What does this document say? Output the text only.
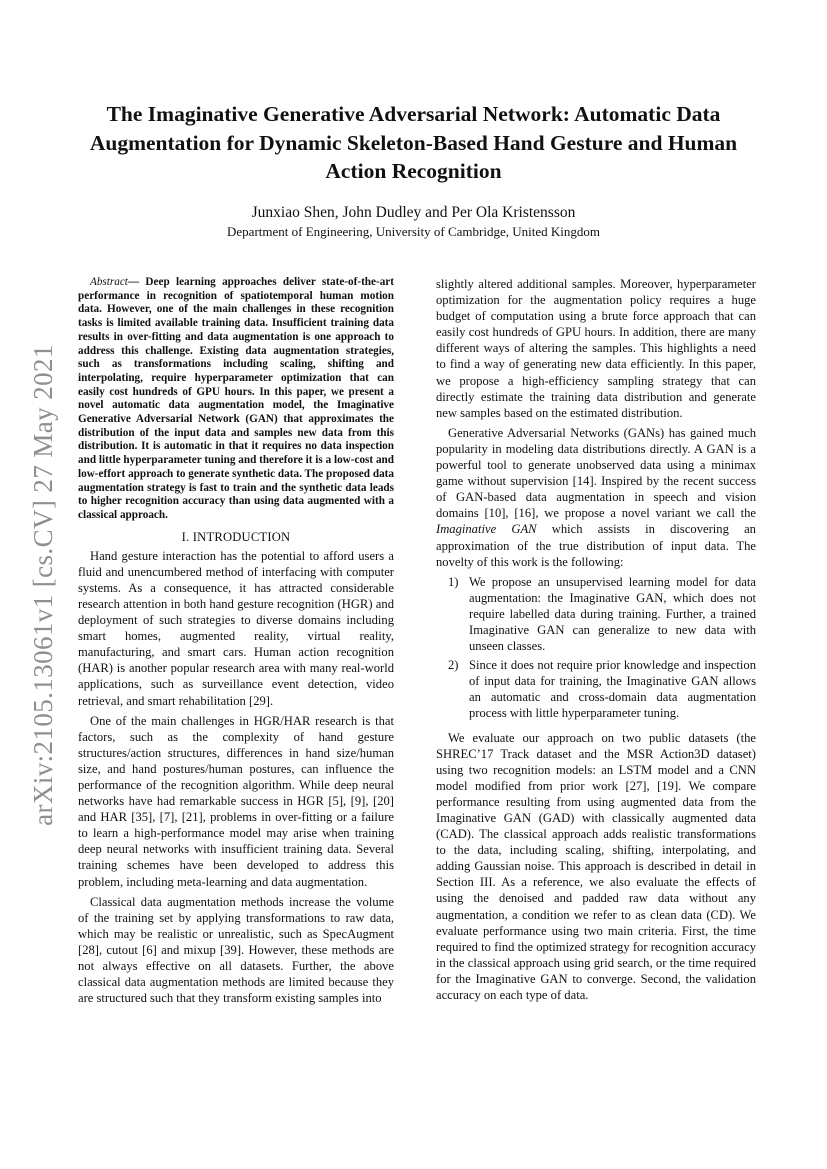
arXiv:2105.13061v1 [cs.CV] 27 May 2021
The Imaginative Generative Adversarial Network: Automatic Data Augmentation for Dynamic Skeleton-Based Hand Gesture and Human Action Recognition
Junxiao Shen, John Dudley and Per Ola Kristensson
Department of Engineering, University of Cambridge, United Kingdom

Abstract— Deep learning approaches deliver state-of-the-art performance in recognition of spatiotemporal human motion data. However, one of the main challenges in these recognition tasks is limited available training data. Insufficient training data results in over-fitting and data augmentation is one approach to address this challenge. Existing data augmentation strategies, such as transformations including scaling, shifting and interpolating, require hyperparameter optimization that can easily cost hundreds of GPU hours. In this paper, we present a novel automatic data augmentation model, the Imaginative Generative Adversarial Network (GAN) that approximates the distribution of the input data and samples new data from this distribution. It is automatic in that it requires no data inspection and little hyperparameter tuning and therefore it is a low-cost and low-effort approach to generate synthetic data. The proposed data augmentation strategy is fast to train and the synthetic data leads to higher recognition accuracy than using data augmented with a classical approach.

I. INTRODUCTION

Hand gesture interaction has the potential to afford users a fluid and unencumbered method of interfacing with computer systems. As a consequence, it has attracted considerable research attention in both hand gesture recognition (HGR) and deployment of such strategies to diverse domains including smart homes, augmented reality, virtual reality, manufacturing, and smart cars. Human action recognition (HAR) is another popular research area with many real-world applications, such as surveillance event detection, video retrieval, and smart rehabilitation [29].

One of the main challenges in HGR/HAR research is that factors, such as the complexity of hand gesture structures/action structures, differences in hand size/human size, and hand postures/human postures, can influence the performance of the recognition algorithm. While deep neural networks have had remarkable success in HGR [5], [9], [20] and HAR [35], [7], [21], problems in over-fitting or a failure to learn a high-performance model may arise when training deep neural networks with insufficient training data. Several training schemes have been developed to address this problem, including meta-learning and data augmentation.

Classical data augmentation methods increase the volume of the training set by applying transformations to raw data, which may be realistic or unrealistic, such as SpecAugment [28], cutout [6] and mixup [39]. However, these methods are not always effective on all datasets. Further, the above classical data augmentation methods are limited because they are structured such that they transform existing samples into

slightly altered additional samples. Moreover, hyperparameter optimization for the augmentation policy requires a huge budget of computation using a brute force approach that can easily cost hundreds of GPU hours. In addition, there are many different ways of altering the samples. This highlights a need to find a way of generating new data efficiently. In this paper, we propose a high-efficiency sampling strategy that can directly estimate the training data distribution and generate new samples based on the estimated distribution.

Generative Adversarial Networks (GANs) has gained much popularity in modeling data distributions directly. A GAN is a powerful tool to generate unobserved data using a minimax game without supervision [14]. Inspired by the recent success of GAN-based data augmentation in speech and vision domains [10], [16], we propose a novel variant we call the Imaginative GAN which assists in discovering an approximation of the true distribution of input data. The novelty of this work is the following:

1) We propose an unsupervised learning model for data augmentation: the Imaginative GAN, which does not require labelled data during training. Further, a trained Imaginative GAN can generalize to new data with unseen classes.
2) Since it does not require prior knowledge and inspection of input data for training, the Imaginative GAN allows an automatic and cross-domain data augmentation process with little hyperparameter tuning.

We evaluate our approach on two public datasets (the SHREC’17 Track dataset and the MSR Action3D dataset) using two recognition models: an LSTM model and a CNN model modified from prior work [27], [19]. We compare performance resulting from using augmented data from the Imaginative GAN (GAD) with classically augmented data (CAD). The classical approach adds realistic transformations to the data, including scaling, shifting, interpolating, and adding Gaussian noise. This approach is described in detail in Section III. As a reference, we also evaluate the effects of using the denoised and padded raw data without any augmentation, a condition we refer to as clean data (CD). We evaluate performance using two main criteria. First, the time required to find the optimized strategy for recognition accuracy in the classical approach using grid search, or the time required for the Imaginative GAN to converge. Second, the validation accuracy on each type of data.
